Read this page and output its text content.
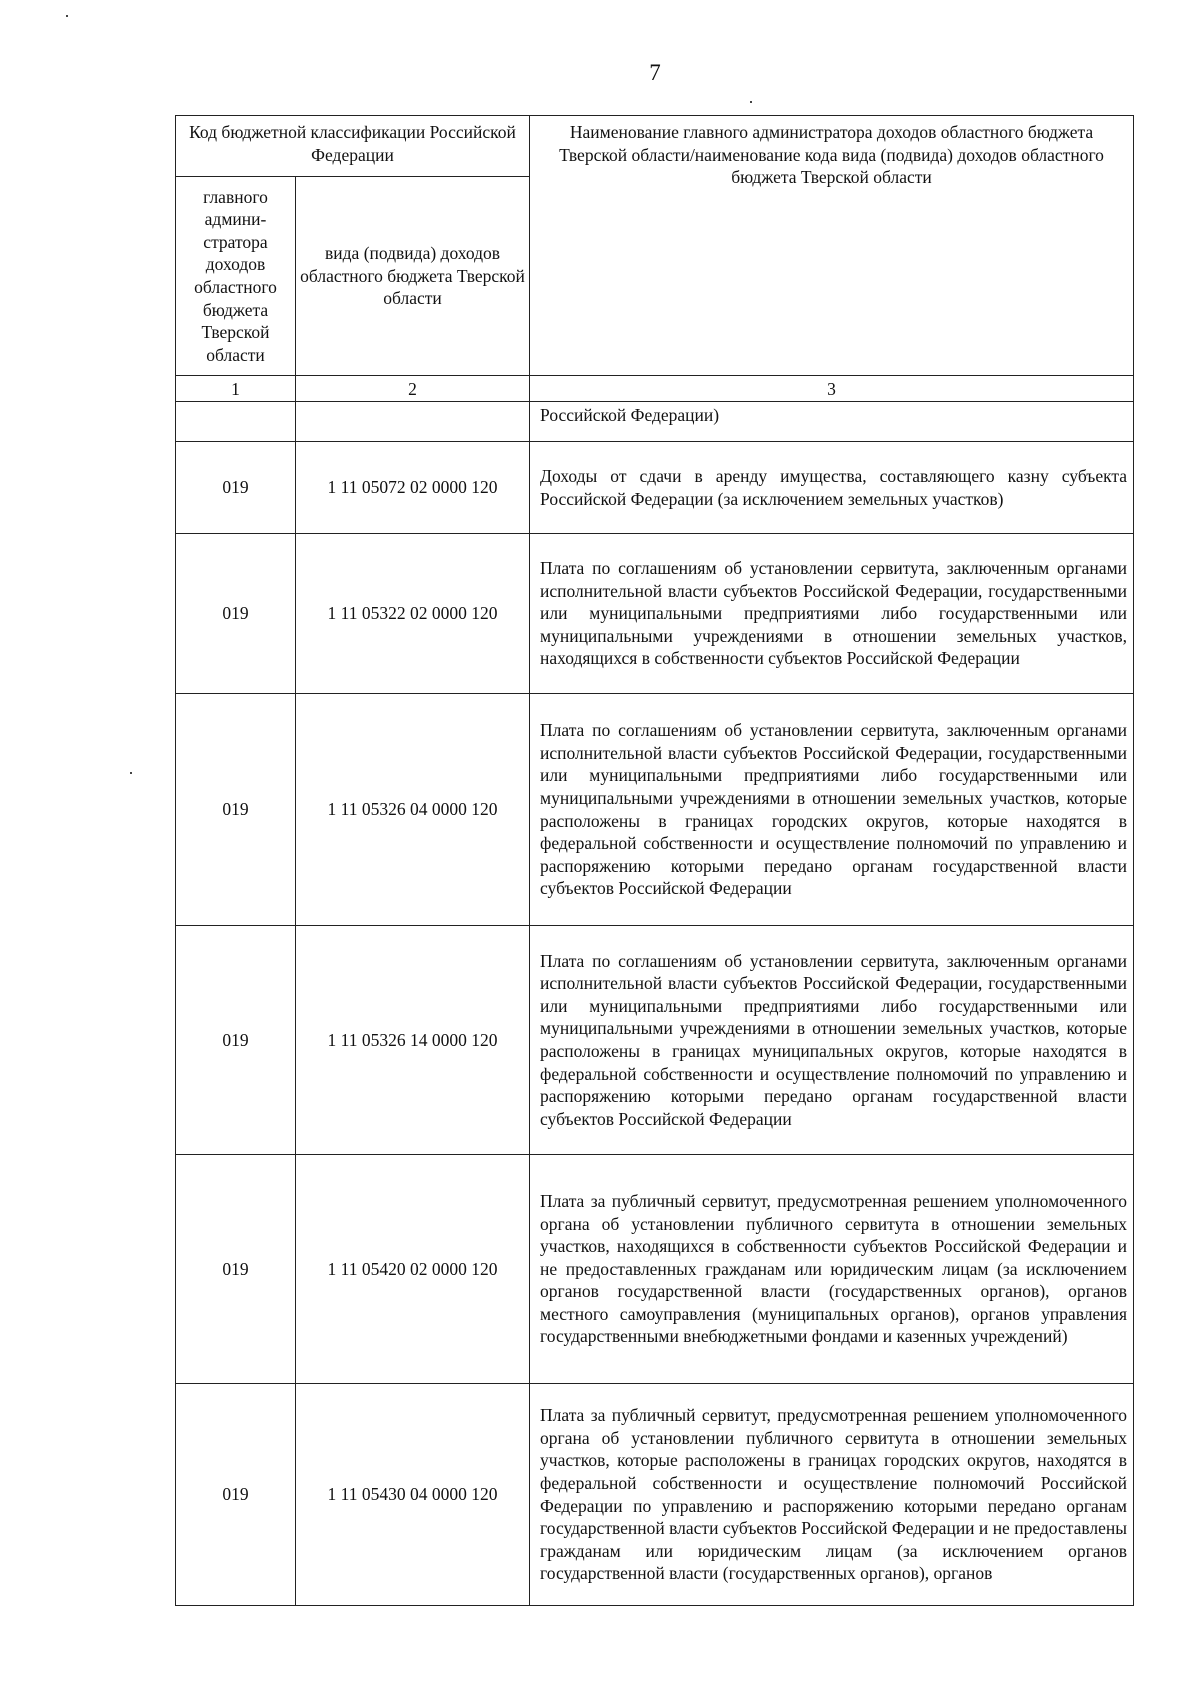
7
Код бюджетной классификации Российской Федерации		Наименование главного администратора доходов областного бюджета Тверской области/наименование кода вида (подвида) доходов областного бюджета Тверской области
главного админи-стратора доходов областного бюджета Тверской области	вида (подвида) доходов областного бюджета Тверской области	
1	2	3
		Российской Федерации)
019	1 11 05072 02 0000 120	Доходы от сдачи в аренду имущества, составляющего казну субъекта Российской Федерации (за исключением земельных участков)
019	1 11 05322 02 0000 120	Плата по соглашениям об установлении сервитута, заключенным органами исполнительной власти субъектов Российской Федерации, государственными или муниципальными предприятиями либо государственными или муниципальными учреждениями в отношении земельных участков, находящихся в собственности субъектов Российской Федерации
019	1 11 05326 04 0000 120	Плата по соглашениям об установлении сервитута, заключенным органами исполнительной власти субъектов Российской Федерации, государственными или муниципальными предприятиями либо государственными или муниципальными учреждениями в отношении земельных участков, которые расположены в границах городских округов, которые находятся в федеральной собственности и осуществление полномочий по управлению и распоряжению которыми передано органам государственной власти субъектов Российской Федерации
019	1 11 05326 14 0000 120	Плата по соглашениям об установлении сервитута, заключенным органами исполнительной власти субъектов Российской Федерации, государственными или муниципальными предприятиями либо государственными или муниципальными учреждениями в отношении земельных участков, которые расположены в границах муниципальных округов, которые находятся в федеральной собственности и осуществление полномочий по управлению и распоряжению которыми передано органам государственной власти субъектов Российской Федерации
019	1 11 05420 02 0000 120	Плата за публичный сервитут, предусмотренная решением уполномоченного органа об установлении публичного сервитута в отношении земельных участков, находящихся в собственности субъектов Российской Федерации и не предоставленных гражданам или юридическим лицам (за исключением органов государственной власти (государственных органов), органов местного самоуправления (муниципальных органов), органов управления государственными внебюджетными фондами и казенных учреждений)
019	1 11 05430 04 0000 120	Плата за публичный сервитут, предусмотренная решением уполномоченного органа об установлении публичного сервитута в отношении земельных участков, которые расположены в границах городских округов, находятся в федеральной собственности и осуществление полномочий Российской Федерации по управлению и распоряжению которыми передано органам государственной власти субъектов Российской Федерации и не предоставлены гражданам или юридическим лицам (за исключением органов государственной власти (государственных органов), органов
